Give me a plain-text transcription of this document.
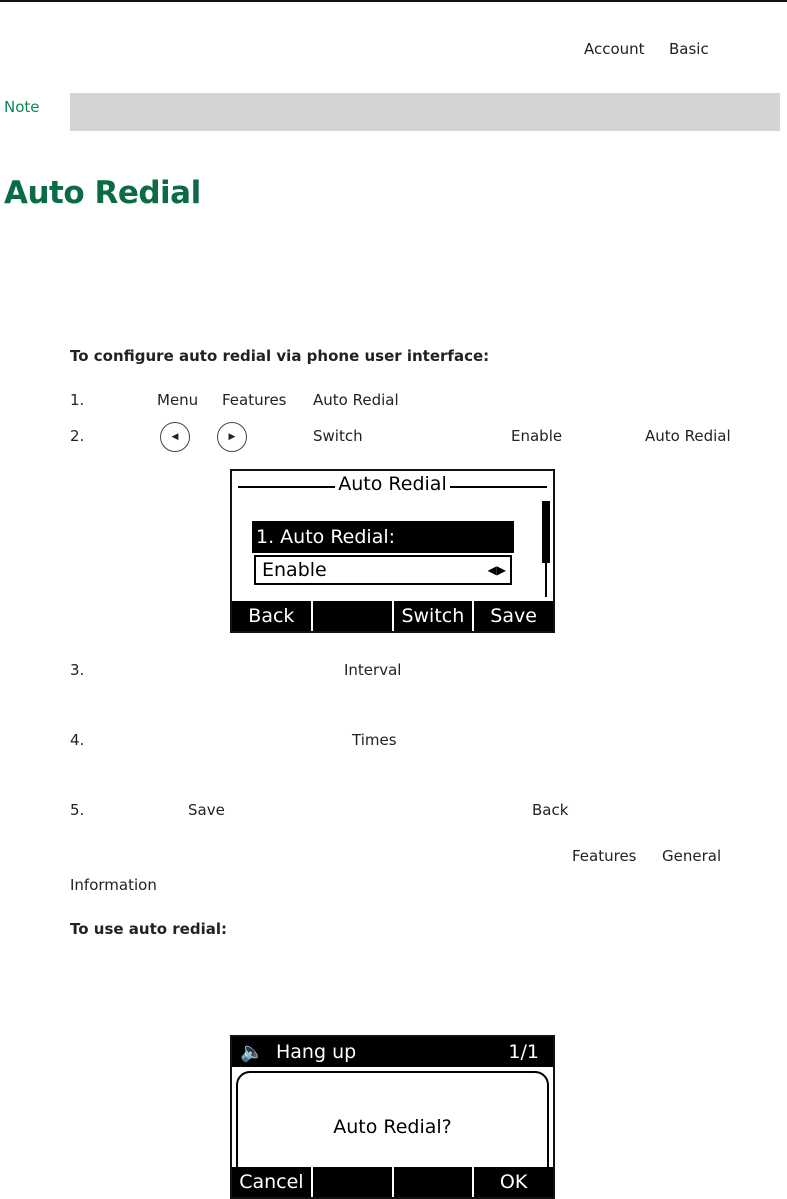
Account Basic
Note
Auto Redial
To configure auto redial via phone user interface:
1.	Menu Features Auto Redial
2.	◀	▶	Switch	Enable	Auto Redial
Auto Redial
1. Auto Redial:
Enable	◀▶
Back	Switch	Save
3.	Interval
4.	Times
5.	Save	Back
Features General
Information
To use auto redial:
🔈 Hang up	1/1
Auto Redial?
Cancel	OK
